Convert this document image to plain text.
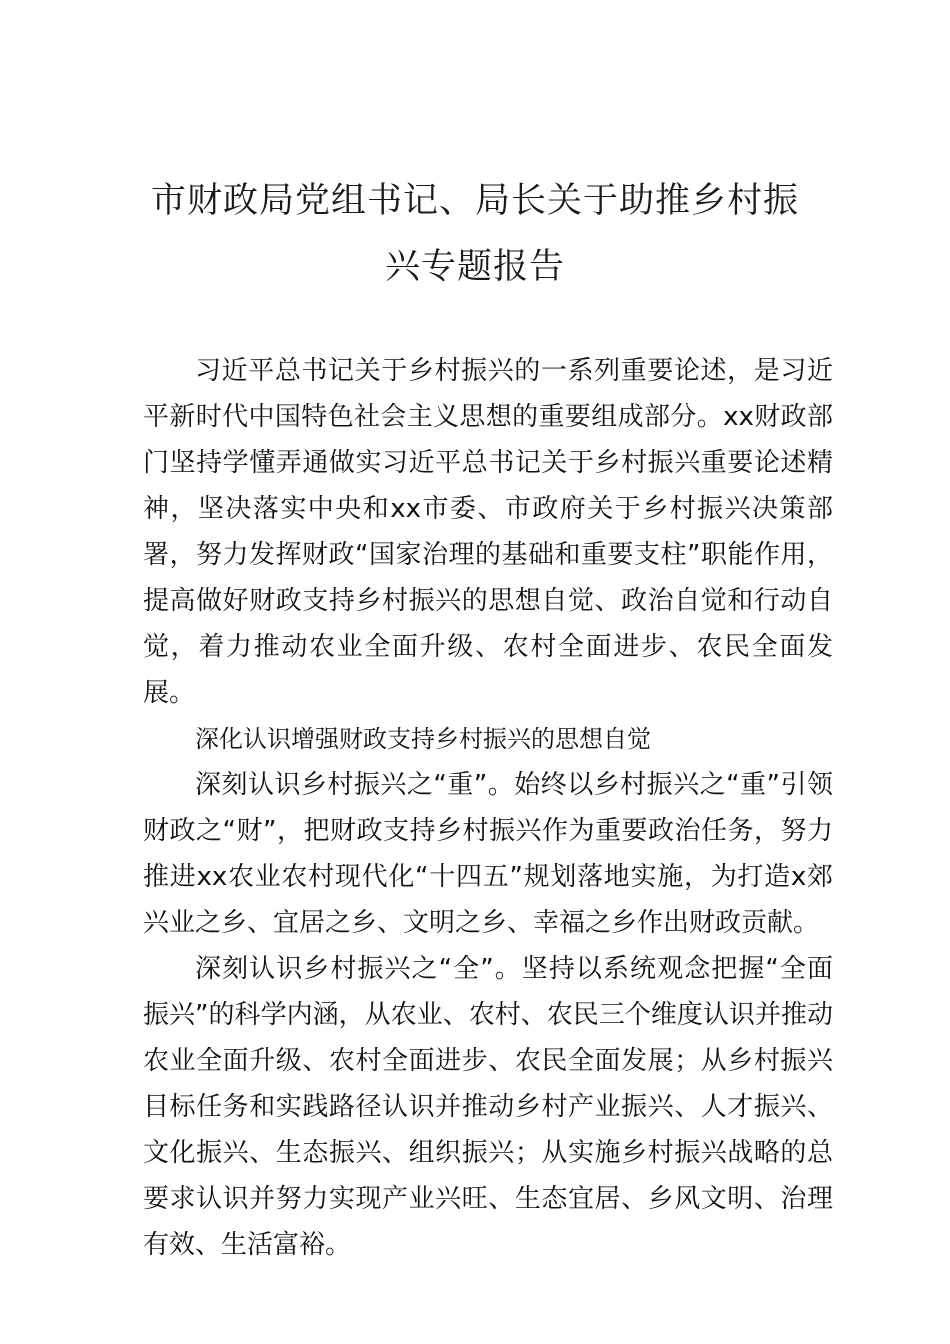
市财政局党组书记、局长关于助推乡村振
兴专题报告

习近平总书记关于乡村振兴的一系列重要论述，是习近平新时代中国特色社会主义思想的重要组成部分。xx财政部门坚持学懂弄通做实习近平总书记关于乡村振兴重要论述精神，坚决落实中央和xx市委、市政府关于乡村振兴决策部署，努力发挥财政“国家治理的基础和重要支柱”职能作用，提高做好财政支持乡村振兴的思想自觉、政治自觉和行动自觉，着力推动农业全面升级、农村全面进步、农民全面发展。

深化认识增强财政支持乡村振兴的思想自觉

深刻认识乡村振兴之“重”。始终以乡村振兴之“重”引领财政之“财”，把财政支持乡村振兴作为重要政治任务，努力推进xx农业农村现代化“十四五”规划落地实施，为打造x郊兴业之乡、宜居之乡、文明之乡、幸福之乡作出财政贡献。

深刻认识乡村振兴之“全”。坚持以系统观念把握“全面振兴”的科学内涵，从农业、农村、农民三个维度认识并推动农业全面升级、农村全面进步、农民全面发展；从乡村振兴目标任务和实践路径认识并推动乡村产业振兴、人才振兴、文化振兴、生态振兴、组织振兴；从实施乡村振兴战略的总要求认识并努力实现产业兴旺、生态宜居、乡风文明、治理有效、生活富裕。
